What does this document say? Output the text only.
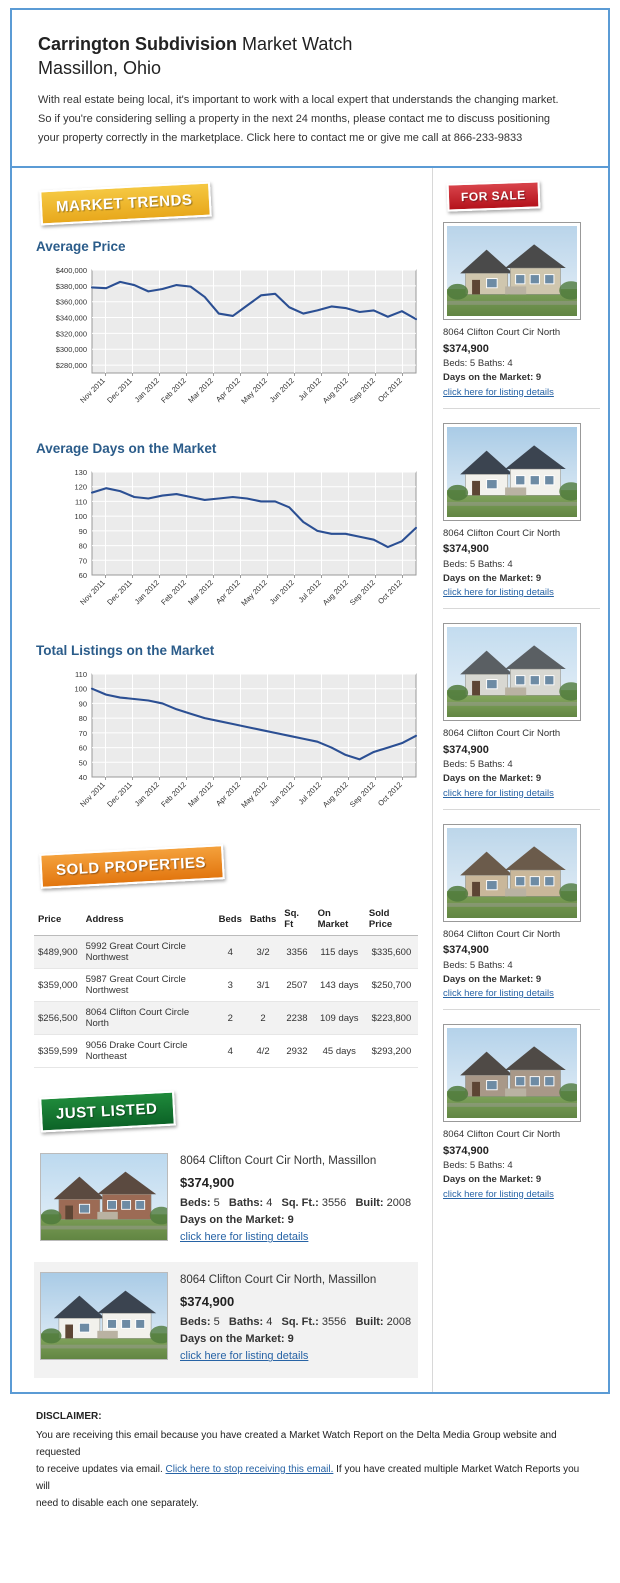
Carrington Subdivision Market Watch
Massillon, Ohio

With real estate being local, it's important to work with a local expert that understands the changing market.
So if you're considering selling a property in the next 24 months, please contact me to discuss positioning
your property correctly in the marketplace. Click here to contact me or give me call at 866-233-9833

MARKET TRENDS
Average Price
$280,000
$300,000
$320,000
$340,000
$360,000
$380,000
$400,000
Nov 2011
Dec 2011
Jan 2012
Feb 2012
Mar 2012 Apr 2012
May 2012
Jun 2012 Jul 2012
Aug 2012
Sep 2012 Oct 2012
Average Days on the Market
60
70
80
90
100
110
120
130
Nov 2011
Dec 2011
Jan 2012
Feb 2012
Mar 2012 Apr 2012
May 2012
Jun 2012 Jul 2012
Aug 2012
Sep 2012 Oct 2012
Total Listings on the Market
40
50
60
70
80
90
100
110
Nov 2011
Dec 2011
Jan 2012
Feb 2012
Mar 2012 Apr 2012
May 2012
Jun 2012 Jul 2012
Aug 2012
Sep 2012 Oct 2012
SOLD PROPERTIES
Price	Address	Beds	Baths	Sq. Ft	On Market	Sold Price
$489,900	5992 Great Court Circle Northwest	4	3/2	3356	115 days	$335,600
$359,000	5987 Great Court Circle Northwest	3	3/1	2507	143 days	$250,700
$256,500	8064 Clifton Court Circle North	2	2	2238	109 days	$223,800
$359,599	9056 Drake Court Circle Northeast	4	4/2	2932	45 days	$293,200
JUST LISTED
8064 Clifton Court Cir North, Massillon
$374,900
Beds: 5   Baths: 4   Sq. Ft.: 3556   Built: 2008
Days on the Market: 9
click here for listing details
8064 Clifton Court Cir North, Massillon
$374,900
Beds: 5   Baths: 4   Sq. Ft.: 3556   Built: 2008
Days on the Market: 9
click here for listing details
FOR SALE
8064 Clifton Court Cir North
$374,900
Beds: 5 Baths: 4
Days on the Market: 9
click here for listing details
8064 Clifton Court Cir North
$374,900
Beds: 5 Baths: 4
Days on the Market: 9
click here for listing details
8064 Clifton Court Cir North
$374,900
Beds: 5 Baths: 4
Days on the Market: 9
click here for listing details
8064 Clifton Court Cir North
$374,900
Beds: 5 Baths: 4
Days on the Market: 9
click here for listing details
8064 Clifton Court Cir North
$374,900
Beds: 5 Baths: 4
Days on the Market: 9
click here for listing details
DISCLAIMER:
You are receiving this email because you have created a Market Watch Report on the Delta Media Group website and requested
to receive updates via email. Click here to stop receiving this email. If you have created multiple Market Watch Reports you will
need to disable each one separately.
